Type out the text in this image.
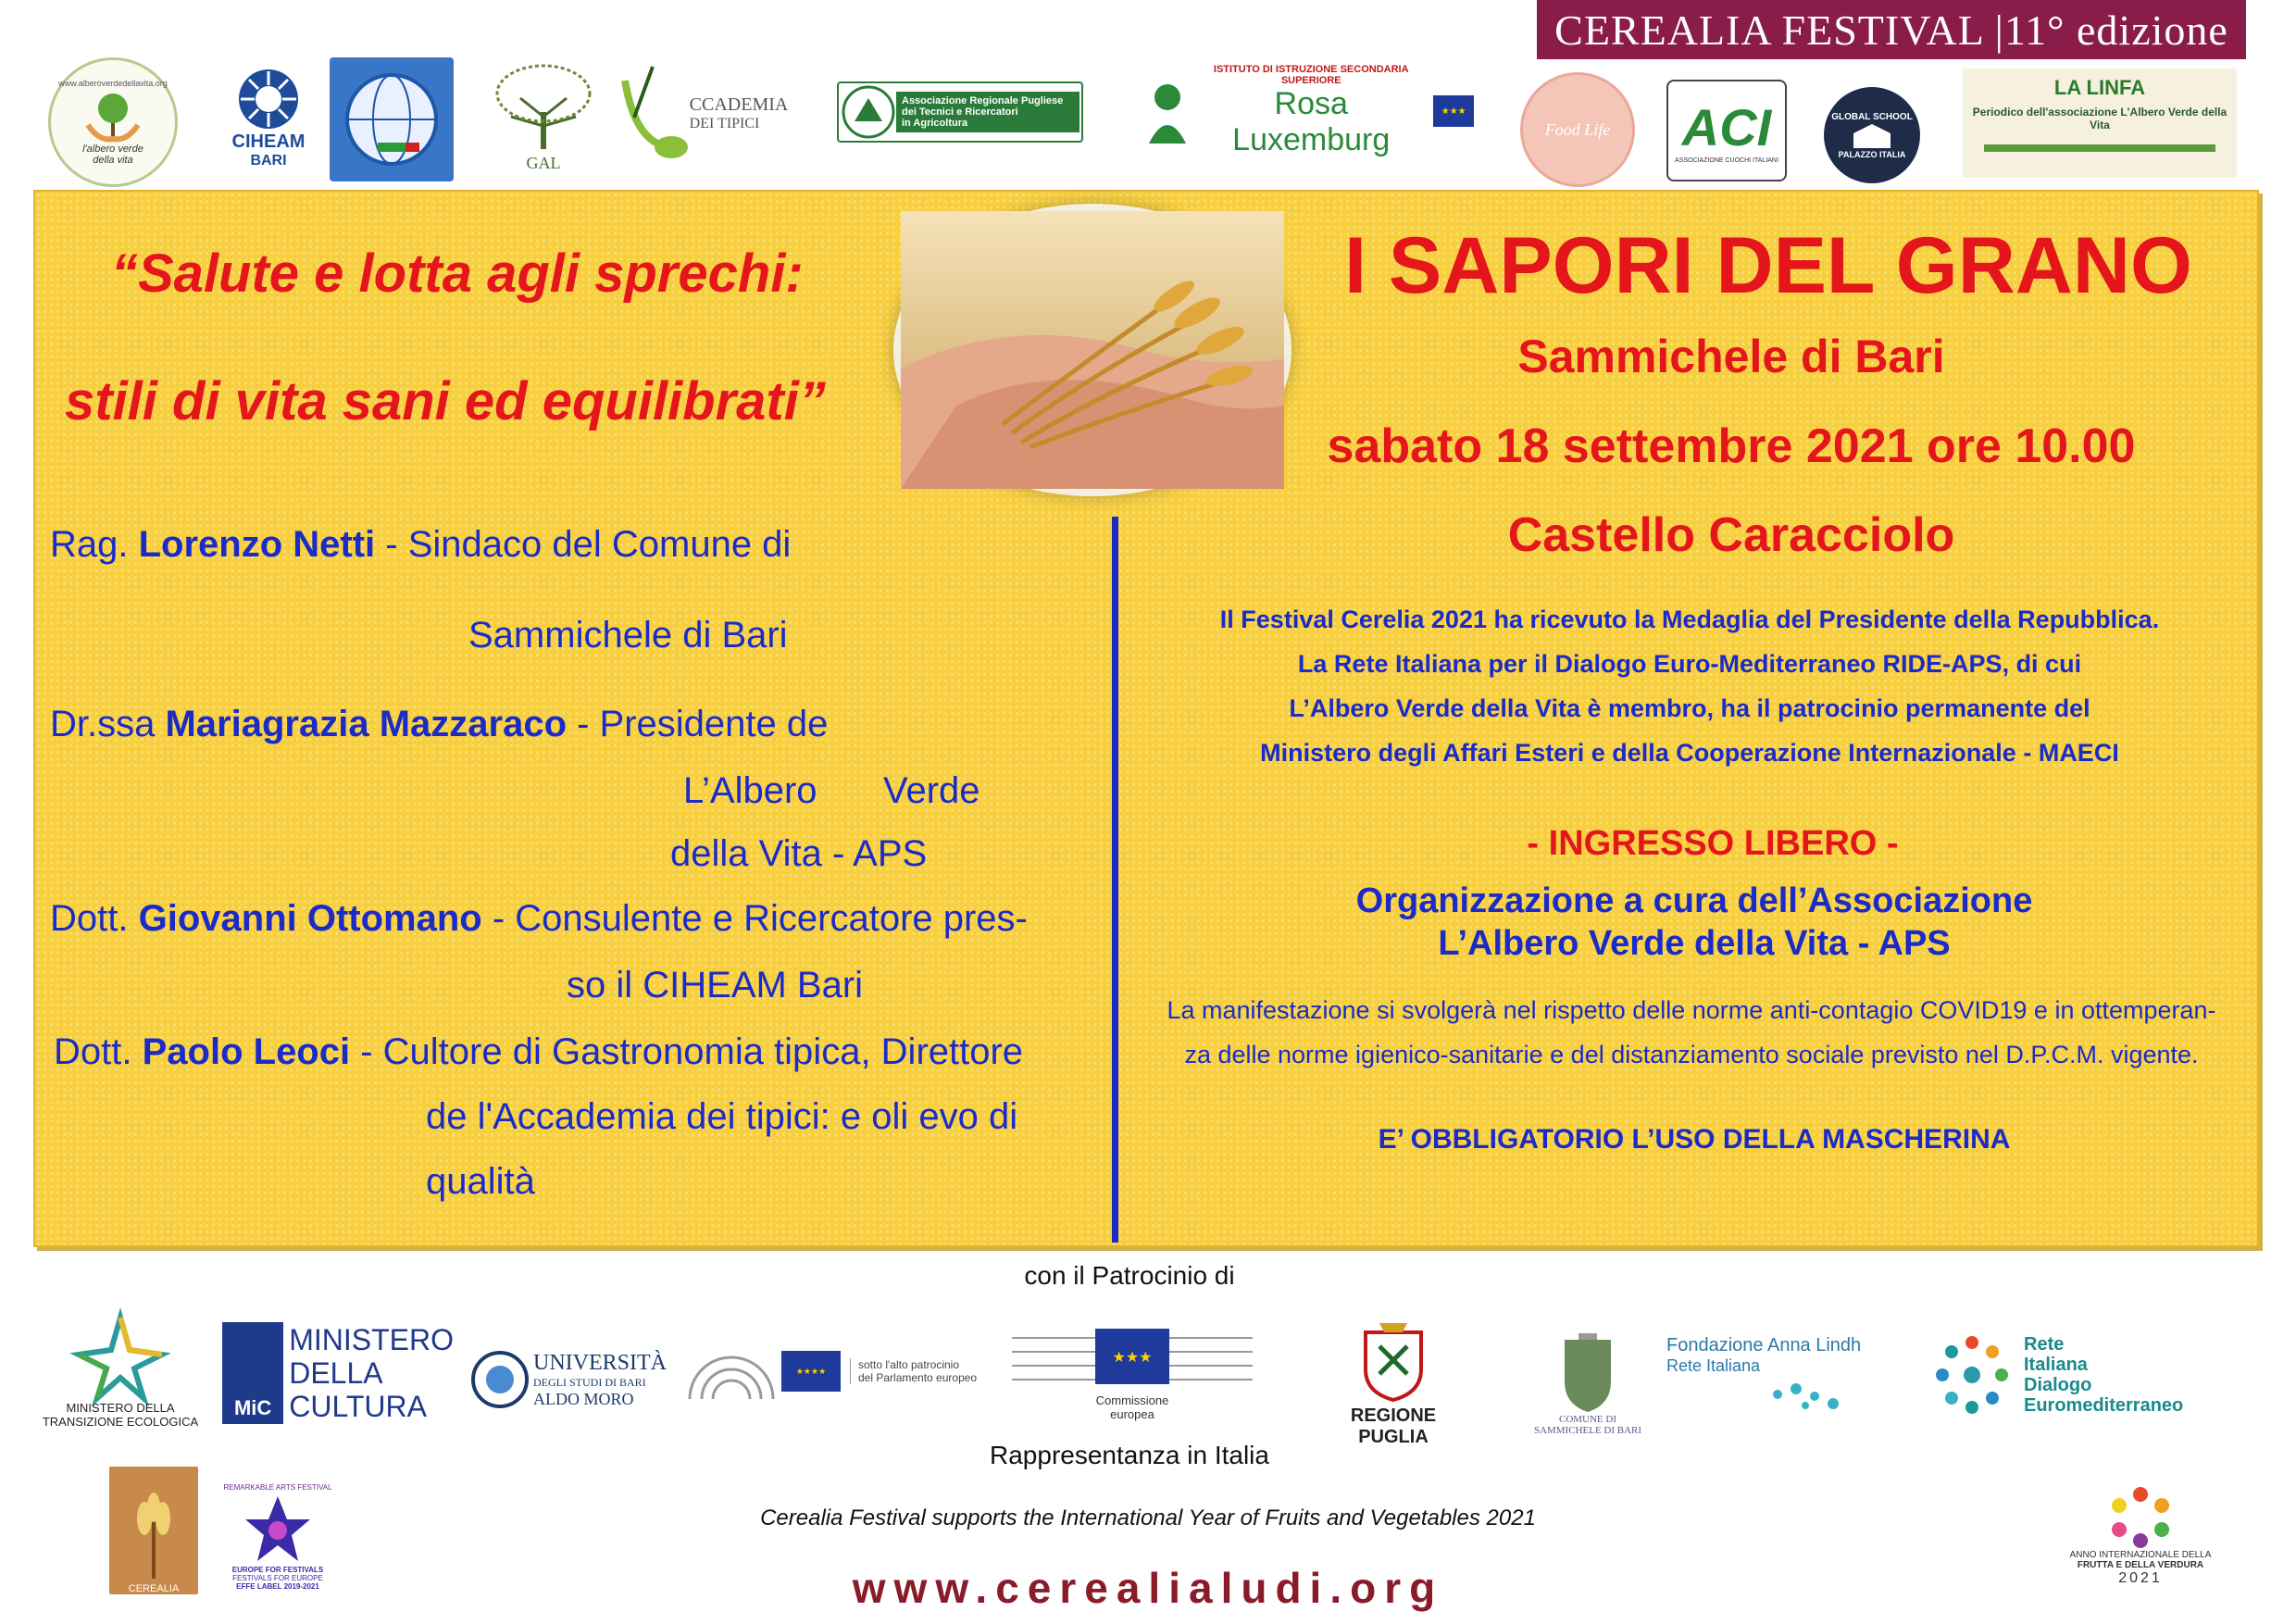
CEREALIA FESTIVAL |11° edizione
www.alberoverdedellavita.org
l'albero verde della vita
CIHEAM
BARI	GAL
CCADEMIA
DEI TIPICI
Associazione Regionale Pugliese
dei Tecnici e Ricercatori
in Agricoltura
ISTITUTO DI ISTRUZIONE SECONDARIA SUPERIORE
Rosa Luxemburg
★★★
Food Life ACI
ASSOCIAZIONE CUOCHI ITALIANI
GLOBAL SCHOOL
PALAZZO ITALIA
LA LINFA
Periodico dell'associazione L'Albero Verde della Vita
“Salute e lotta agli sprechi:
stili di vita sani ed equilibrati”
I SAPORI DEL GRANO
Sammichele di Bari
sabato 18 settembre 2021 ore 10.00
Castello Caracciolo
Rag. Lorenzo Netti - Sindaco del Comune di
Sammichele di Bari
Dr.ssa Mariagrazia Mazzaraco - Presidente de
L’Albero Verde
della Vita - APS
Dott. Giovanni Ottomano - Consulente e Ricercatore pres-
so il CIHEAM Bari
Dott. Paolo Leoci - Cultore di Gastronomia tipica, Direttore
de l'Accademia dei tipici: e oli evo di
qualità
Il Festival Cerelia 2021 ha ricevuto la Medaglia del Presidente della Repubblica.
La Rete Italiana per il Dialogo Euro-Mediterraneo RIDE-APS, di cui
L’Albero Verde della Vita è membro, ha il patrocinio permanente del
Ministero degli Affari Esteri e della Cooperazione Internazionale - MAECI
- INGRESSO LIBERO -
Organizzazione a cura dell’Associazione
L’Albero Verde della Vita - APS
La manifestazione si svolgerà nel rispetto delle norme anti-contagio COVID19 e in ottemperan-
za delle norme igienico-sanitarie e del distanziamento sociale previsto nel D.P.C.M. vigente.
E’ OBBLIGATORIO L’USO DELLA MASCHERINA
con il Patrocinio di
MINISTERO DELLA
TRANSIZIONE ECOLOGICA
MiC
MINISTERO
DELLA
CULTURA
UNIVERSITÀ
DEGLI STUDI DI BARI
ALDO MORO
★★★★	sotto l'alto patrocinio
del Parlamento europeo
★★★
Commissione europea
Rappresentanza in Italia
REGIONE PUGLIA
COMUNE DI
SAMMICHELE DI BARI
Fondazione Anna Lindh
Rete Italiana
Rete
Italiana
Dialogo
Euromediterraneo
CEREALIA
REMARKABLE ARTS FESTIVAL
EUROPE FOR FESTIVALS
FESTIVALS FOR EUROPE
EFFE LABEL 2019-2021
Cerealia Festival supports the International Year of Fruits and Vegetables 2021
www.cerealialudi.org
ANNO INTERNAZIONALE DELLA
FRUTTA E DELLA VERDURA
2021
